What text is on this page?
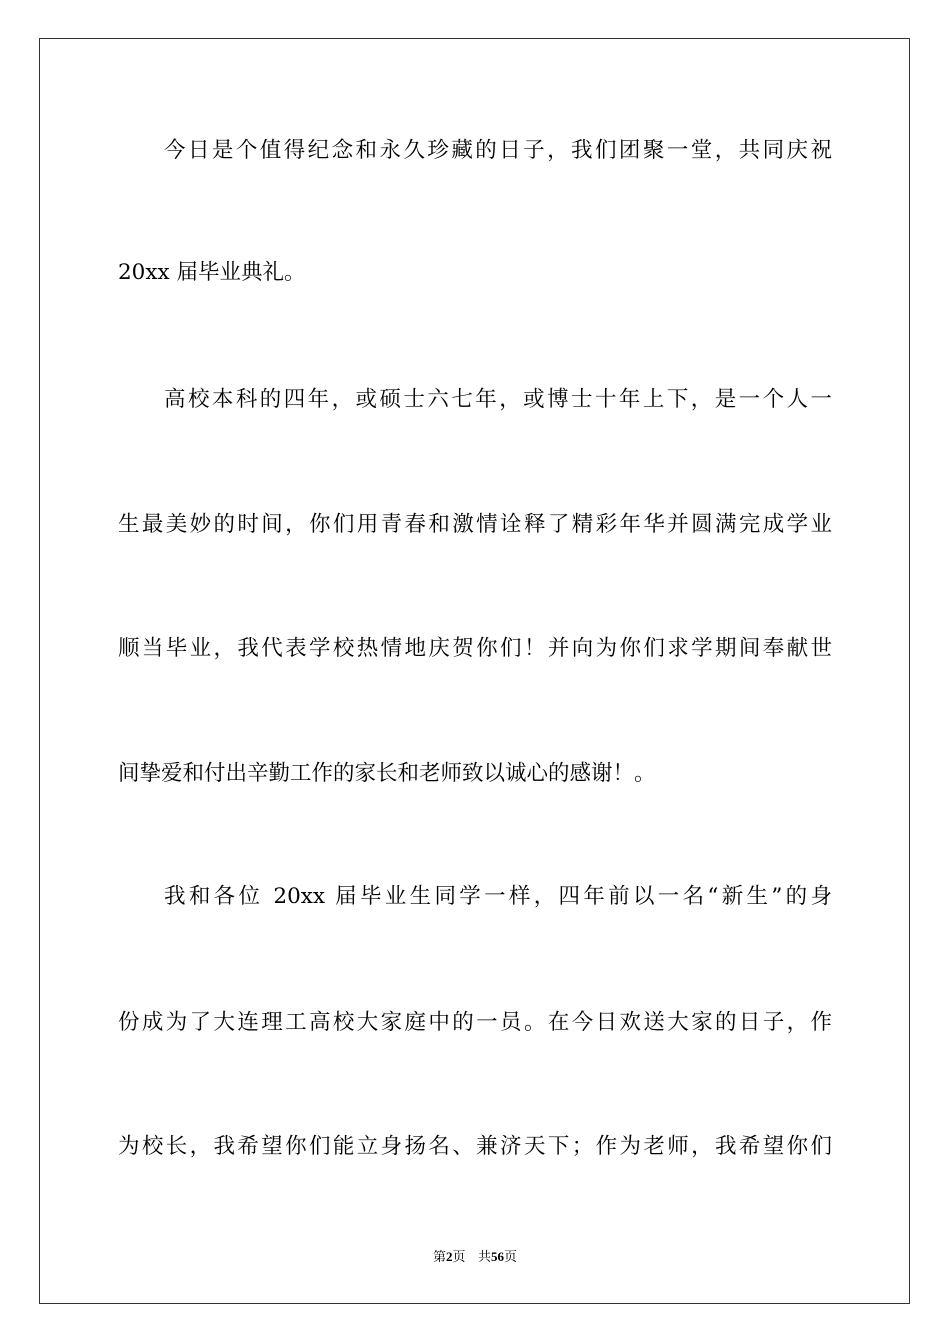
今日是个值得纪念和永久珍藏的日子，我们团聚一堂，共同庆祝
20xx 届毕业典礼。
高校本科的四年，或硕士六七年，或博士十年上下，是一个人一
生最美妙的时间，你们用青春和激情诠释了精彩年华并圆满完成学业
顺当毕业，我代表学校热情地庆贺你们！并向为你们求学期间奉献世
间挚爱和付出辛勤工作的家长和老师致以诚心的感谢！。
我和各位 20xx 届毕业生同学一样，四年前以一名“新生”的身
份成为了大连理工高校大家庭中的一员。在今日欢送大家的日子，作
为校长，我希望你们能立身扬名、兼济天下；作为老师，我希望你们
第2页 共56页
